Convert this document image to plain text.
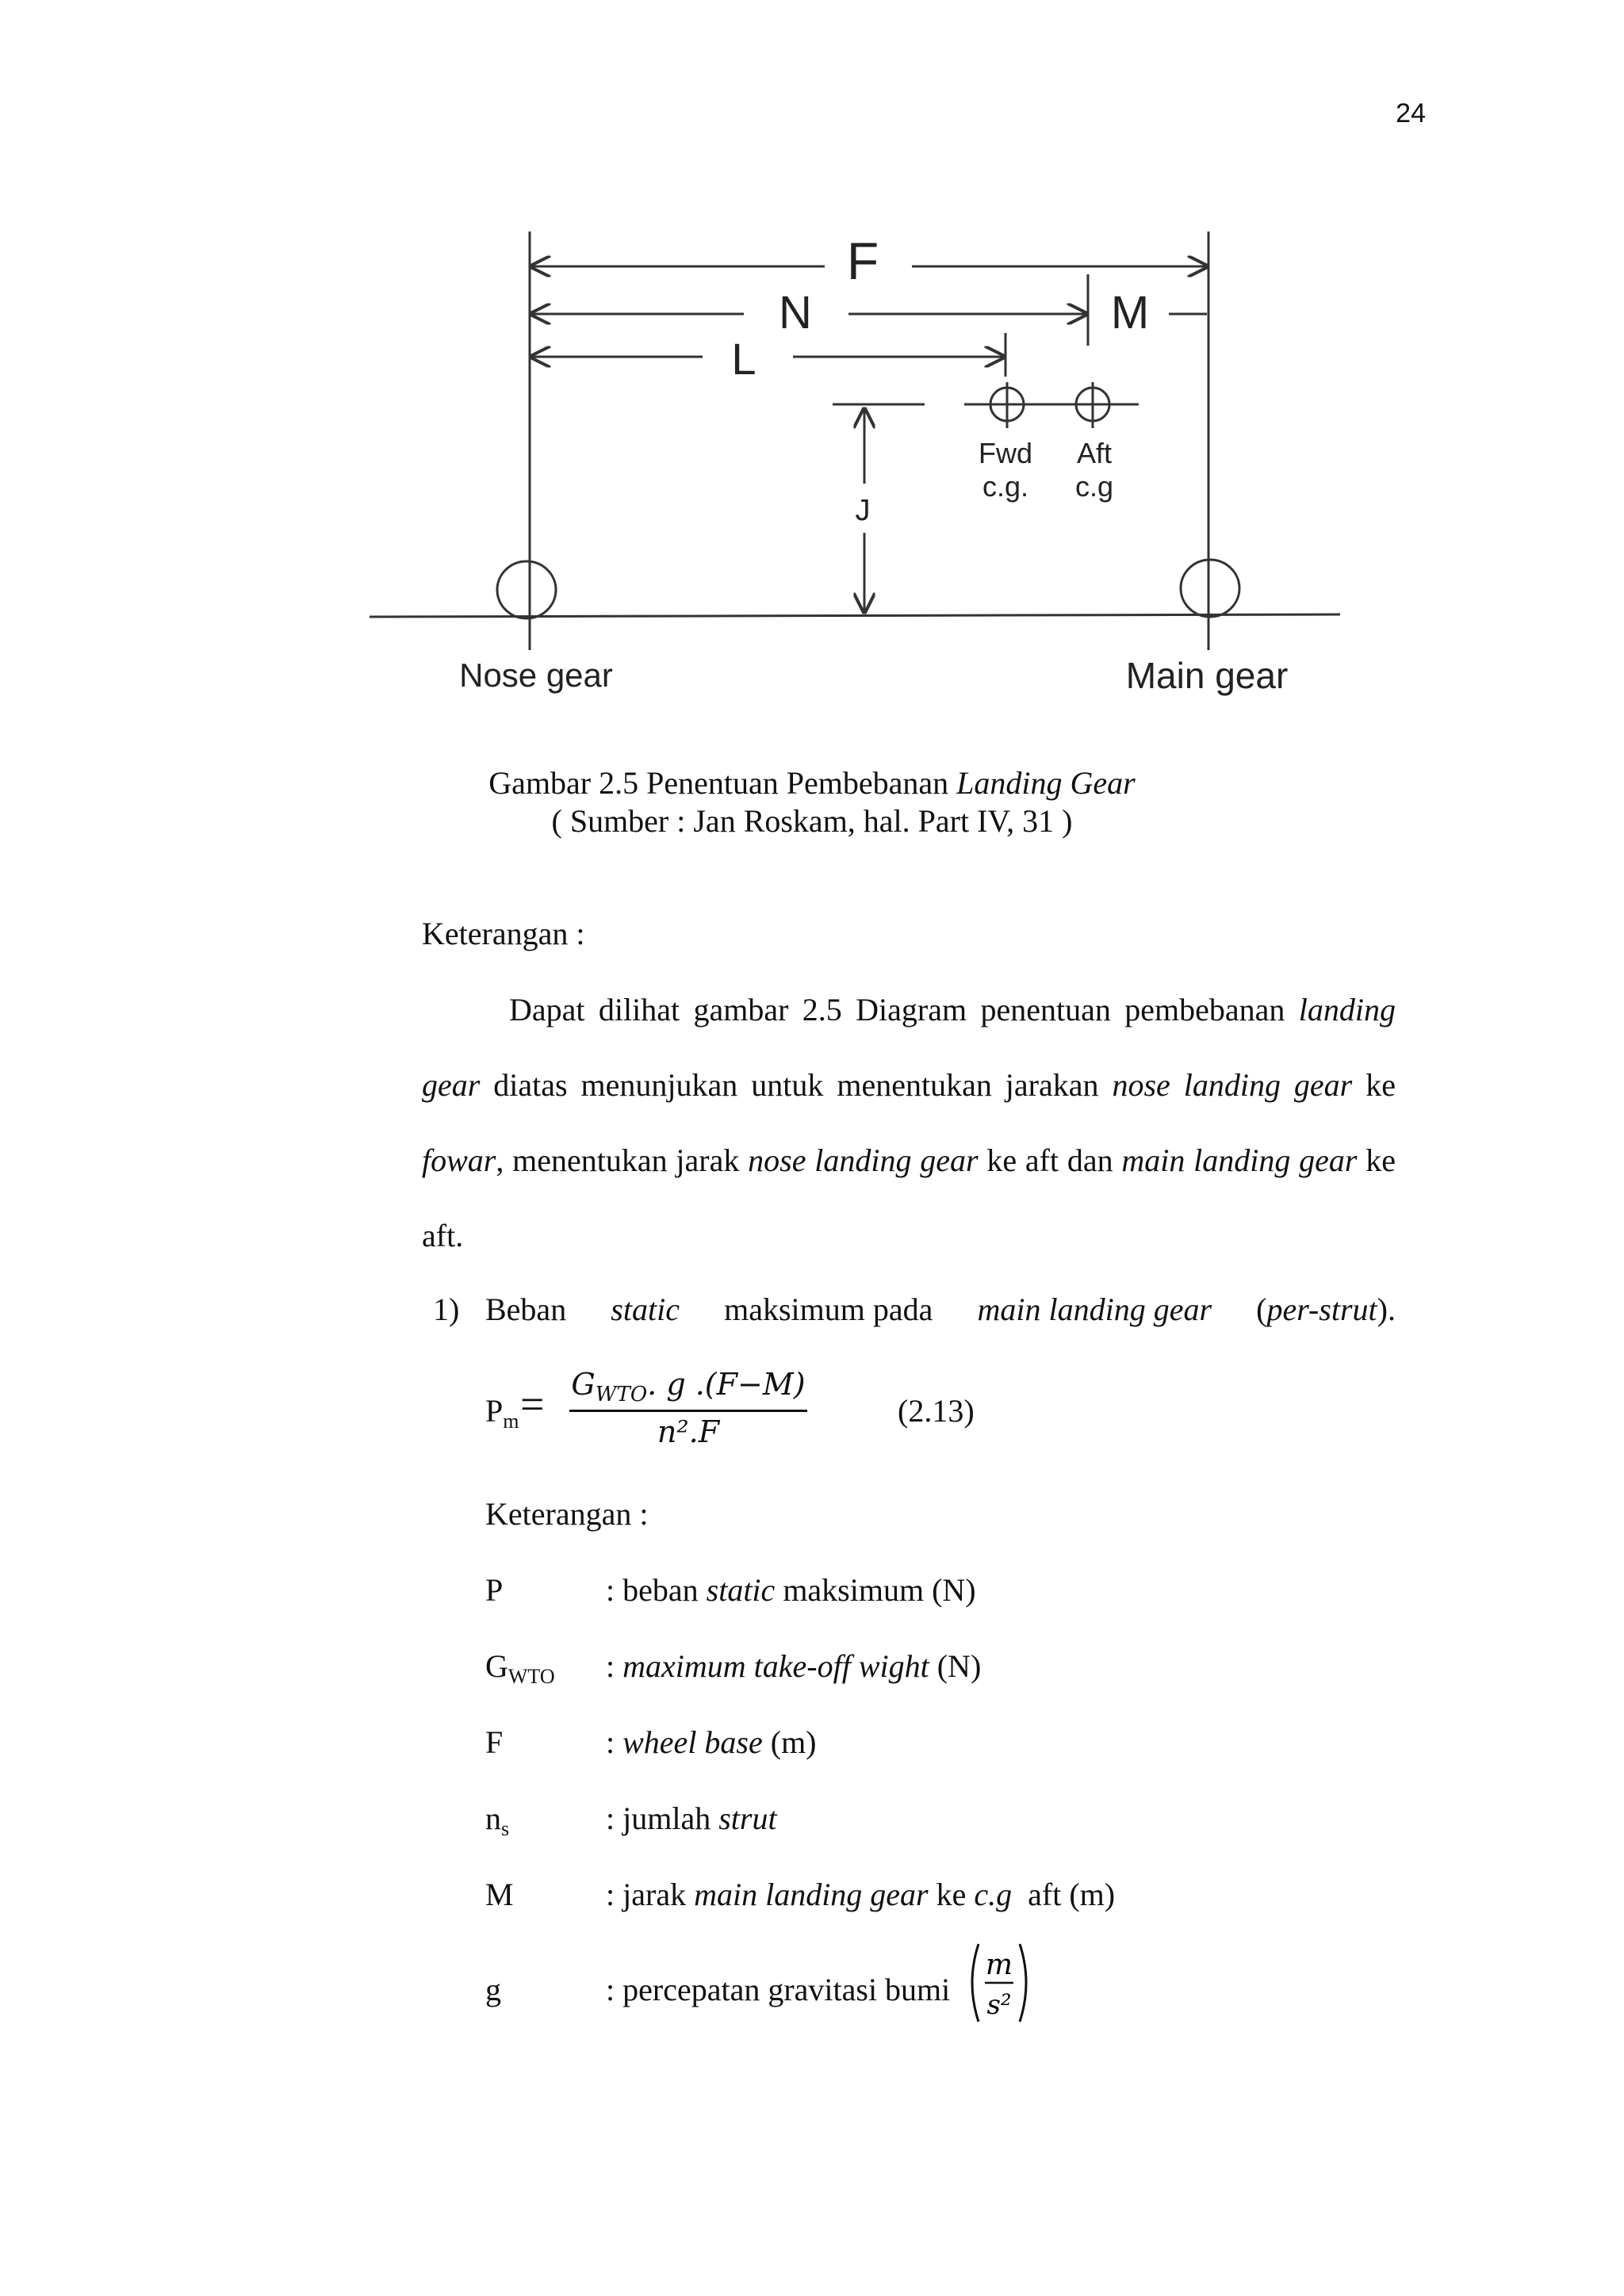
24
F
N	M
L
J
Fwd
c.g.
Aft
c.g
Nose gear	Main gear
Gambar 2.5 Penentuan Pembebanan Landing Gear
( Sumber : Jan Roskam, hal. Part IV, 31 )
Keterangan :
Dapat dilihat gambar 2.5 Diagram penentuan pembebanan landing gear diatas menunjukan untuk menentukan jarakan nose landing gear ke fowar, menentukan jarak nose landing gear ke aft dan main landing gear ke aft.
1) Beban static maksimum pada main landing gear (per-strut).
$P_m = G_{WTO}$. g .(F−M)
n².F
(2.13)
Keterangan :
P	: beban static maksimum (N)
$G_{WTO}$ : maximum take-off wight (N)
F	: wheel base (m)
$n_s$	: jumlah strut
M	: jarak main landing gear ke c.g  aft (m)
g	: percepatan gravitasi bumi
m
s²
